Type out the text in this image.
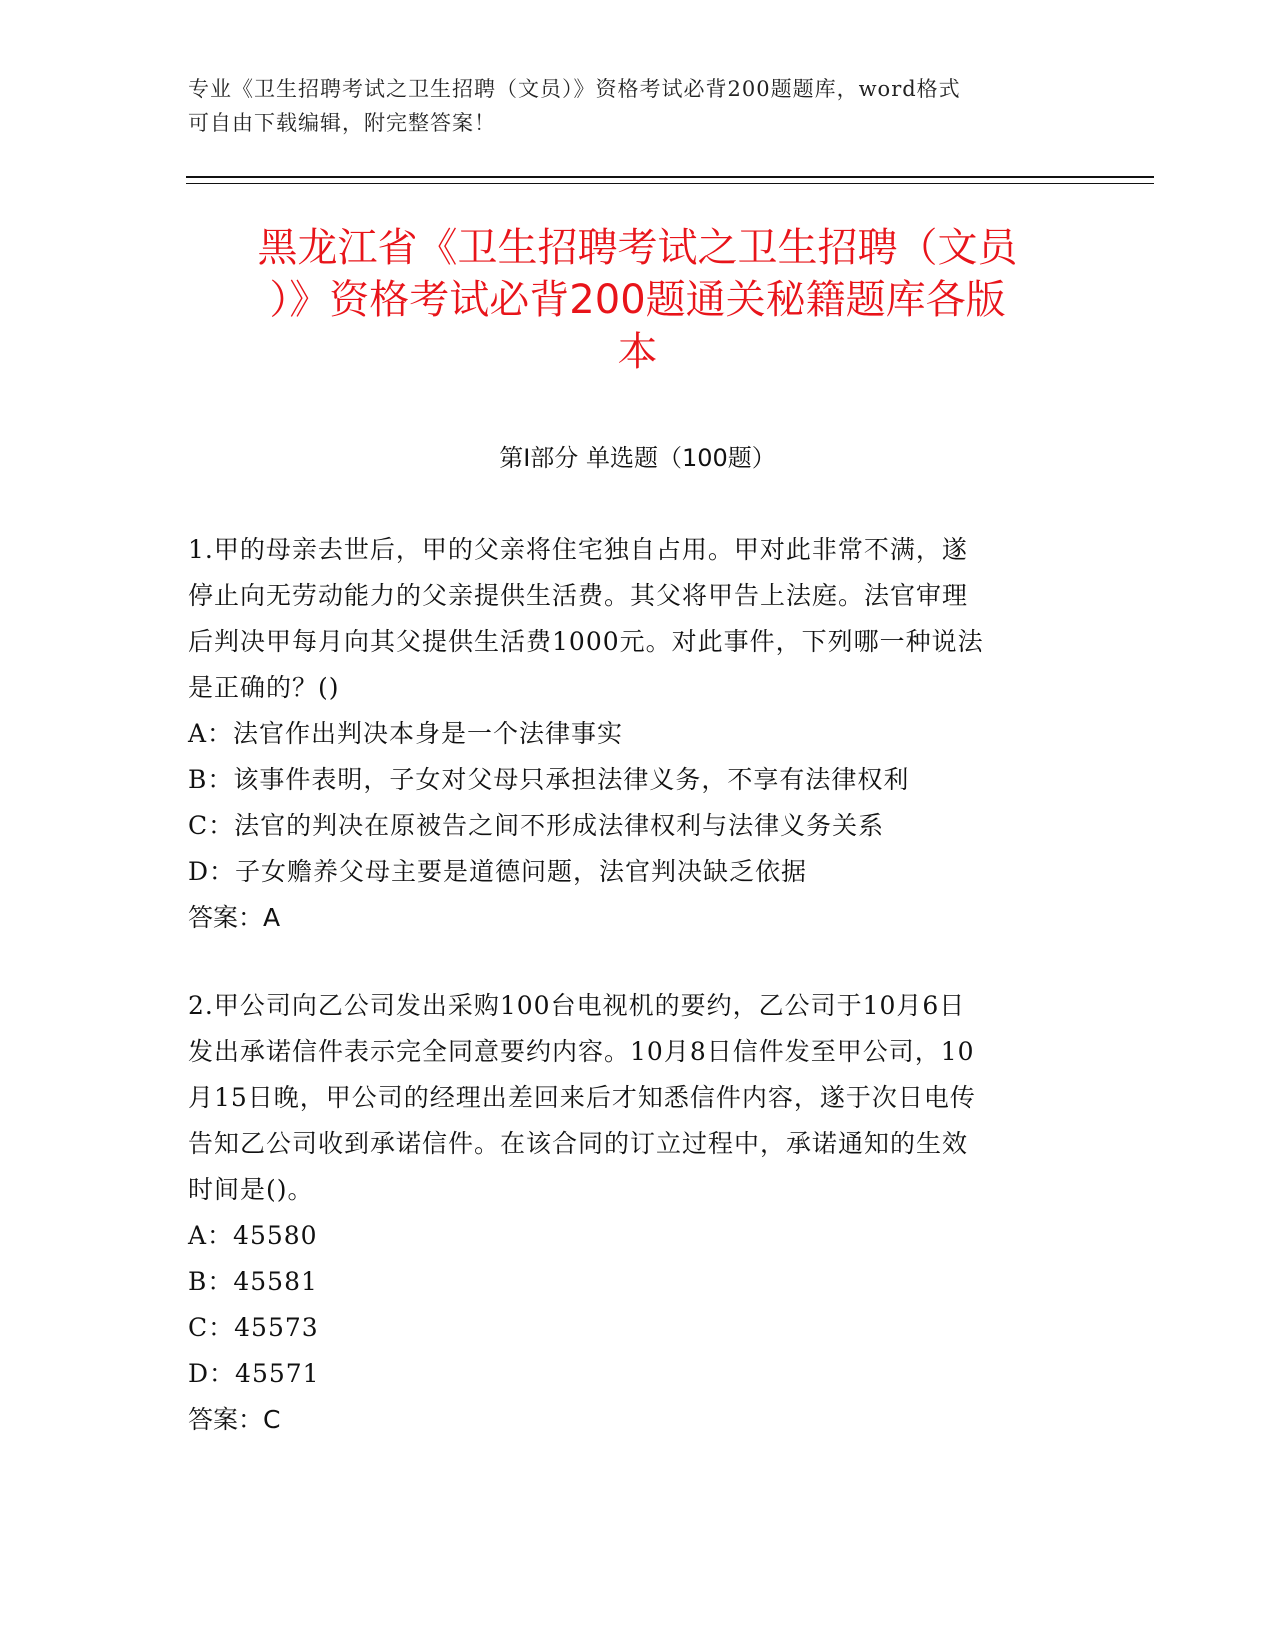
专业《卫生招聘考试之卫生招聘（文员）》资格考试必背200题题库，word格式
可自由下载编辑，附完整答案！
黑龙江省《卫生招聘考试之卫生招聘（文员
）》资格考试必背200题通关秘籍题库各版
本
第Ⅰ部分 单选题（100题）
1.甲的母亲去世后，甲的父亲将住宅独自占用。甲对此非常不满，遂
停止向无劳动能力的父亲提供生活费。其父将甲告上法庭。法官审理
后判决甲每月向其父提供生活费1000元。对此事件，下列哪一种说法
是正确的？()
A：法官作出判决本身是一个法律事实
B：该事件表明，子女对父母只承担法律义务，不享有法律权利
C：法官的判决在原被告之间不形成法律权利与法律义务关系
D：子女赡养父母主要是道德问题，法官判决缺乏依据
答案：A
2.甲公司向乙公司发出采购100台电视机的要约，乙公司于10月6日
发出承诺信件表示完全同意要约内容。10月8日信件发至甲公司，10
月15日晚，甲公司的经理出差回来后才知悉信件内容，遂于次日电传
告知乙公司收到承诺信件。在该合同的订立过程中，承诺通知的生效
时间是()。
A：45580
B：45581
C：45573
D：45571
答案：C
